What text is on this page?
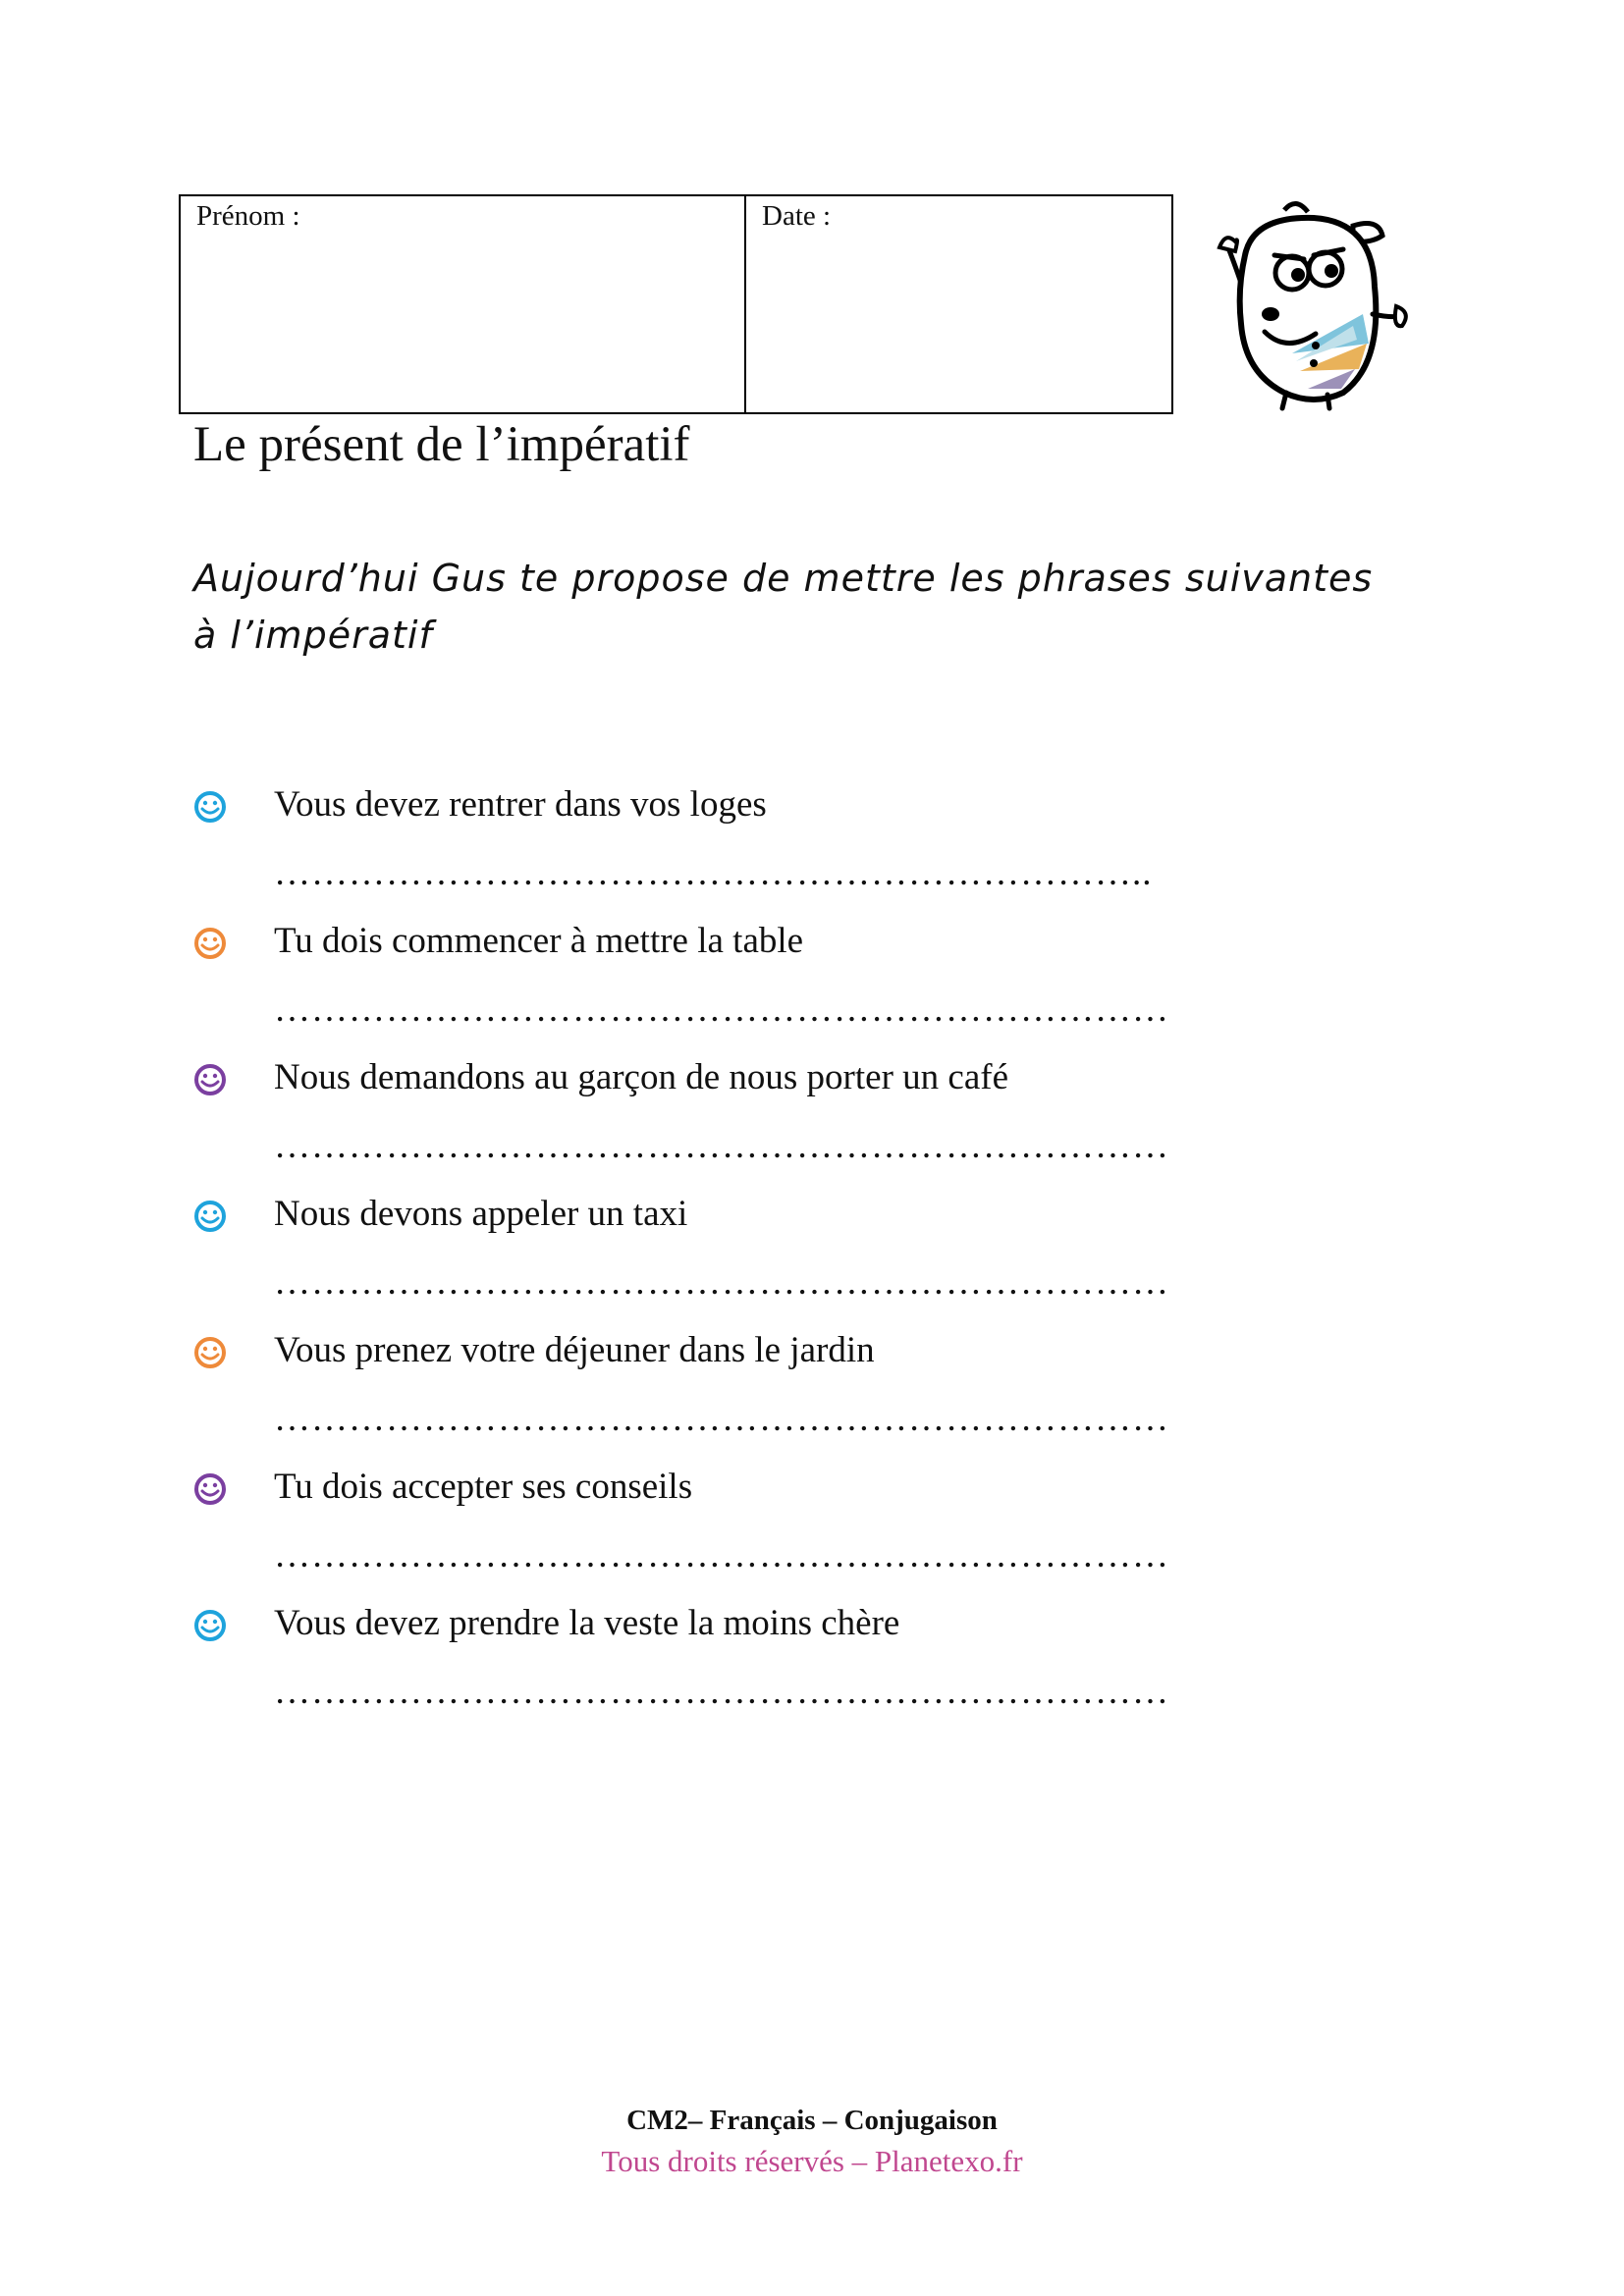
Prénom :	Date :
Le présent de l’impératif

Aujourd’hui Gus te propose de mettre les phrases suivantes
à l’impératif

Vous devez rentrer dans vos loges
……………………………………………………………..
Tu dois commencer à mettre la table
………………………………………………………………
Nous demandons au garçon de nous porter un café
………………………………………………………………
Nous devons appeler un taxi
………………………………………………………………
Vous prenez votre déjeuner dans le jardin
………………………………………………………………
Tu dois accepter ses conseils
………………………………………………………………
Vous devez prendre la veste la moins chère
………………………………………………………………
CM2– Français – Conjugaison
Tous droits réservés – Planetexo.fr
